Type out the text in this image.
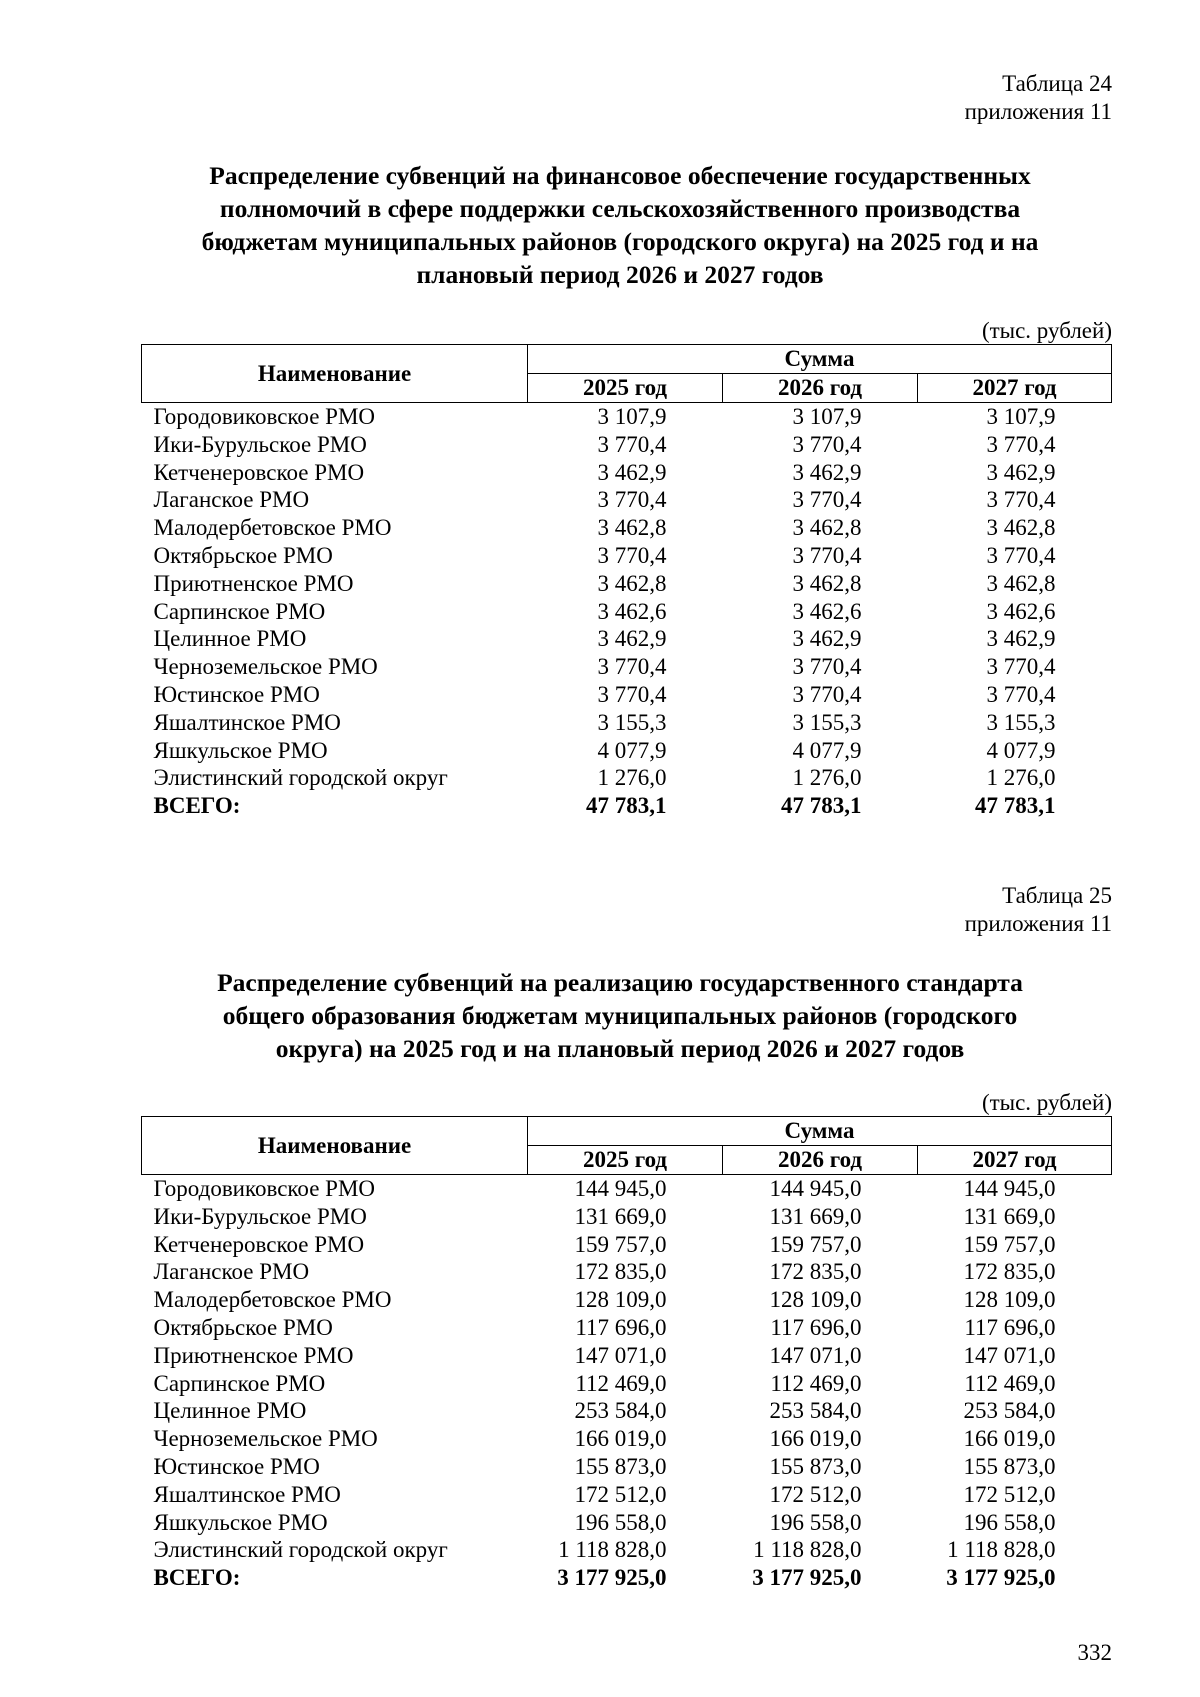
Таблица 24
приложения 11
Распределение субвенций на финансовое обеспечение государственных
полномочий в сфере поддержки сельскохозяйственного производства
бюджетам муниципальных районов (городского округа) на 2025 год и на
плановый период 2026 и 2027 годов
(тыс. рублей)
Наименование	Сумма		
	2025 год	2026 год	2027 год
Городовиковское РМО	3 107,9	3 107,9	3 107,9
Ики-Бурульское РМО	3 770,4	3 770,4	3 770,4
Кетченеровское РМО	3 462,9	3 462,9	3 462,9
Лаганское РМО	3 770,4	3 770,4	3 770,4
Малодербетовское РМО	3 462,8	3 462,8	3 462,8
Октябрьское РМО	3 770,4	3 770,4	3 770,4
Приютненское РМО	3 462,8	3 462,8	3 462,8
Сарпинское РМО	3 462,6	3 462,6	3 462,6
Целинное РМО	3 462,9	3 462,9	3 462,9
Черноземельское РМО	3 770,4	3 770,4	3 770,4
Юстинское РМО	3 770,4	3 770,4	3 770,4
Яшалтинское РМО	3 155,3	3 155,3	3 155,3
Яшкульское РМО	4 077,9	4 077,9	4 077,9
Элистинский городской округ	1 276,0	1 276,0	1 276,0
ВСЕГО:	47 783,1	47 783,1	47 783,1
Таблица 25
приложения 11
Распределение субвенций на реализацию государственного стандарта
общего образования бюджетам муниципальных районов (городского
округа) на 2025 год и на плановый период 2026 и 2027 годов
(тыс. рублей)
Наименование	Сумма		
	2025 год	2026 год	2027 год
Городовиковское РМО	144 945,0	144 945,0	144 945,0
Ики-Бурульское РМО	131 669,0	131 669,0	131 669,0
Кетченеровское РМО	159 757,0	159 757,0	159 757,0
Лаганское РМО	172 835,0	172 835,0	172 835,0
Малодербетовское РМО	128 109,0	128 109,0	128 109,0
Октябрьское РМО	117 696,0	117 696,0	117 696,0
Приютненское РМО	147 071,0	147 071,0	147 071,0
Сарпинское РМО	112 469,0	112 469,0	112 469,0
Целинное РМО	253 584,0	253 584,0	253 584,0
Черноземельское РМО	166 019,0	166 019,0	166 019,0
Юстинское РМО	155 873,0	155 873,0	155 873,0
Яшалтинское РМО	172 512,0	172 512,0	172 512,0
Яшкульское РМО	196 558,0	196 558,0	196 558,0
Элистинский городской округ	1 118 828,0	1 118 828,0	1 118 828,0
ВСЕГО:	3 177 925,0	3 177 925,0	3 177 925,0
332
